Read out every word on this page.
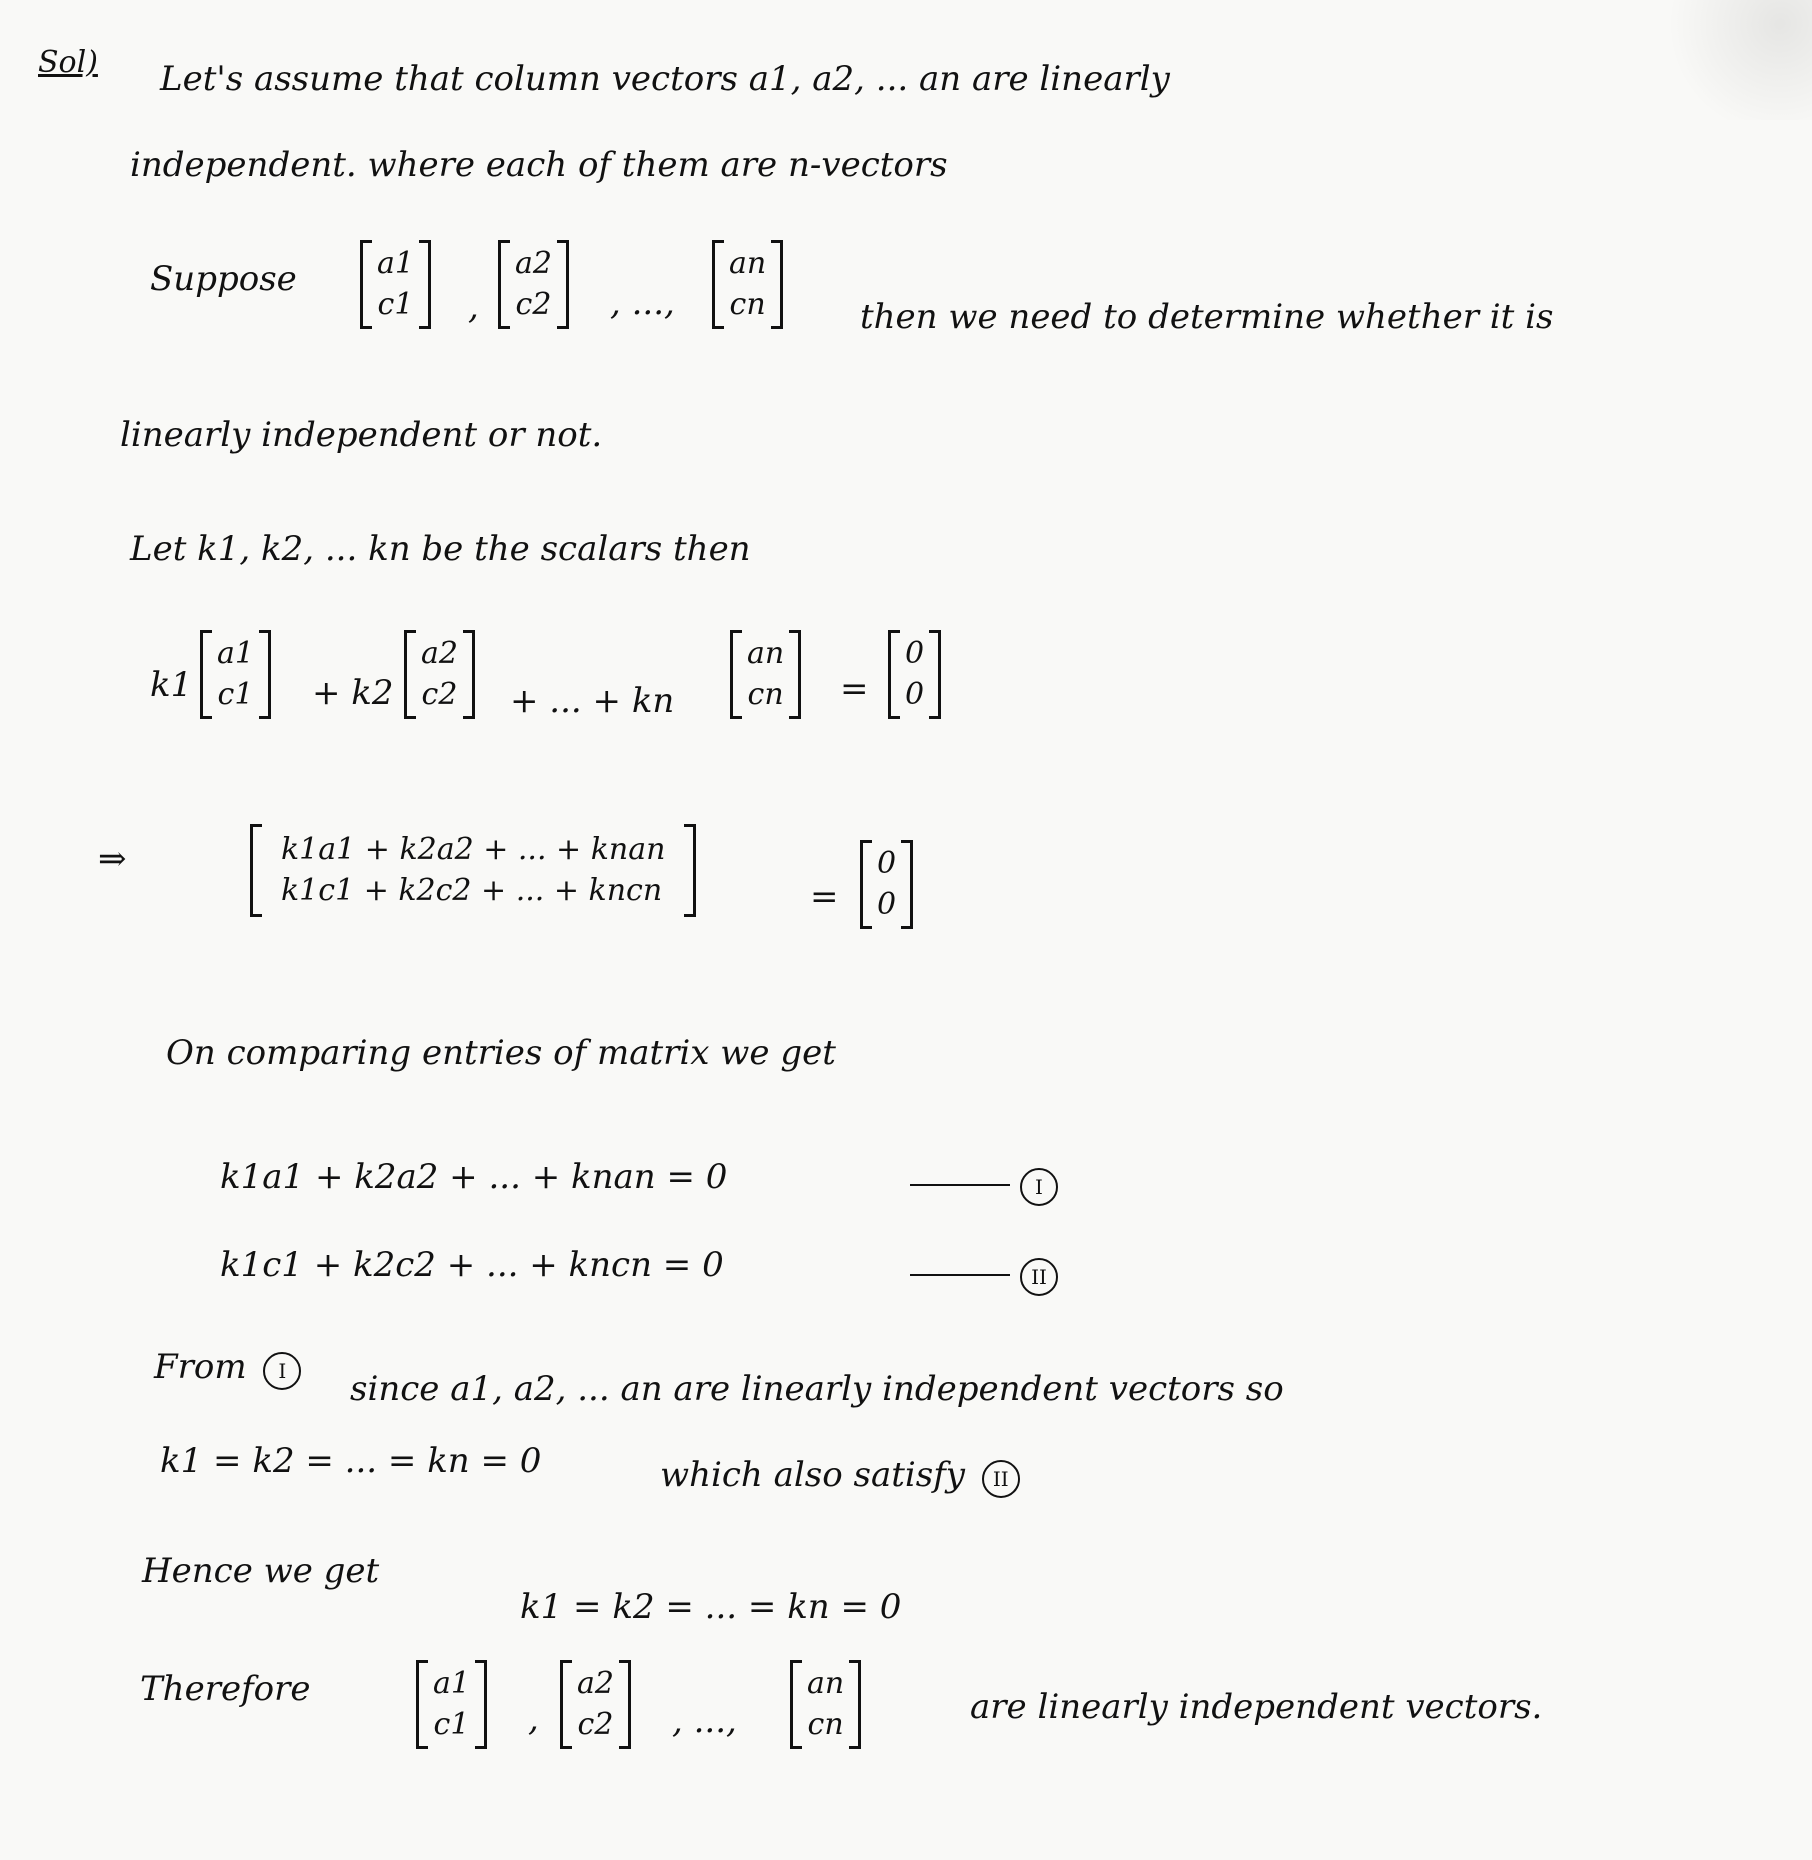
Sol) Let's assume that column vectors a1, a2, ... an are linearly
independent. where each of them are n-vectors
Suppose	a1
c1 ,
a2
c2 , ...,
an
cn	then we need to determine whether it is
linearly independent or not.
Let k1, k2, ... kn be the scalars then
k1
a1
c1 + k2
a2
c2 + ... + kn
an
cn =
0
0
⇒	k1a1 + k2a2 + ... + knan
k1c1 + k2c2 + ... + kncn	=
0
0
On comparing entries of matrix we get
k1a1 + k2a2 + ... + knan = 0	I
k1c1 + k2c2 + ... + kncn = 0	II
From I	since a1, a2, ... an are linearly independent vectors so
k1 = k2 = ... = kn = 0	which also satisfy II
Hence we get
k1 = k2 = ... = kn = 0
Therefore	a1
c1 ,
a2
c2 , ...,
an
cn	are linearly independent vectors.
